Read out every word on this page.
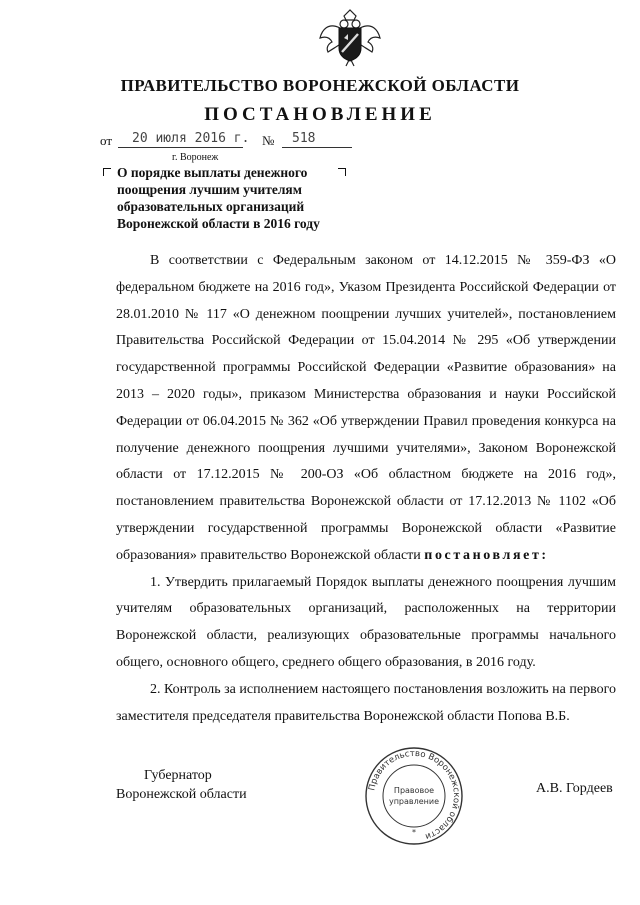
ПРАВИТЕЛЬСТВО ВОРОНЕЖСКОЙ ОБЛАСТИ
ПОСТАНОВЛЕНИЕ
от 20 июля 2016 г. № 518
г. Воронеж
О порядке выплаты денежного поощрения лучшим учителям образовательных организаций Воронежской области в 2016 году

В соответствии с Федеральным законом от 14.12.2015 № 359-ФЗ «О федеральном бюджете на 2016 год», Указом Президента Российской Федерации от 28.01.2010 № 117 «О денежном поощрении лучших учителей», постановлением Правительства Российской Федерации от 15.04.2014 № 295 «Об утверждении государственной программы Российской Федерации «Развитие образования» на 2013 – 2020 годы», приказом Министерства образования и науки Российской Федерации от 06.04.2015 № 362 «Об утверждении Правил проведения конкурса на получение денежного поощрения лучшими учителями», Законом Воронежской области от 17.12.2015 № 200-ОЗ «Об областном бюджете на 2016 год», постановлением правительства Воронежской области от 17.12.2013 № 1102 «Об утверждении государственной программы Воронежской области «Развитие образования» правительство Воронежской области постановляет:

1. Утвердить прилагаемый Порядок выплаты денежного поощрения лучшим учителям образовательных организаций, расположенных на территории Воронежской области, реализующих образовательные программы начального общего, основного общего, среднего общего образования, в 2016 году.

2. Контроль за исполнением настоящего постановления возложить на первого заместителя председателя правительства Воронежской области Попова В.Б.

Губернатор
Воронежской области	Правительство Воронежской области
Правовое
управление
*
А.В. Гордеев
